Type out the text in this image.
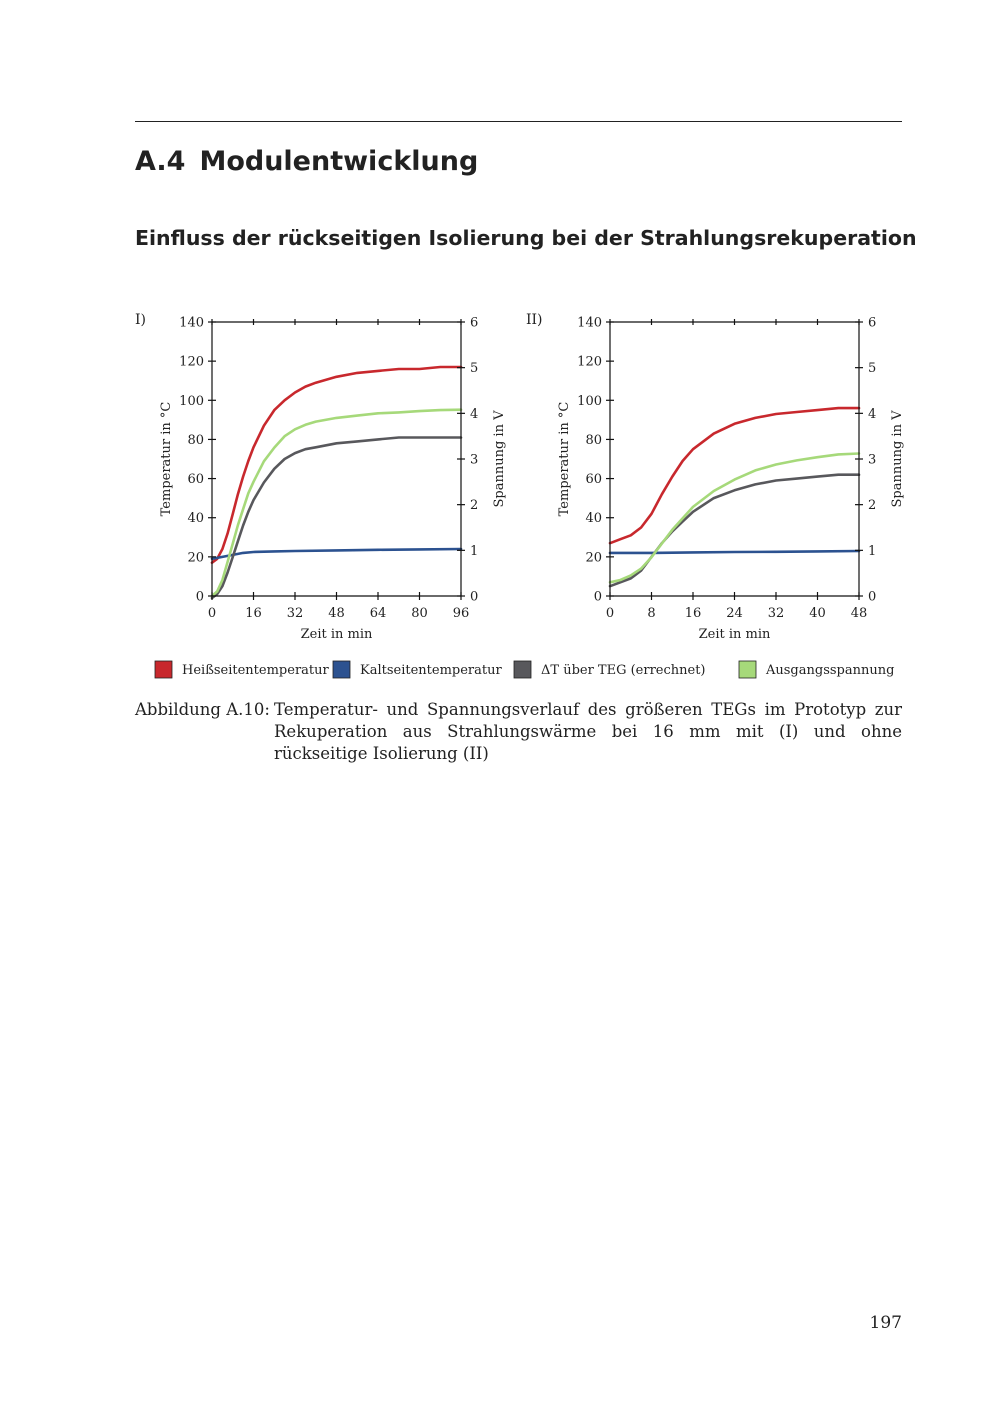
A.4 Modulentwicklung
Einfluss der rückseitigen Isolierung bei der Strahlungsrekuperation
I)
0 16 32 48 64 80 96
0
20
40
60
80
100
120
140
0
1
2
3
4
5
6
Zeit in min
Temperatur in °C	Spannung in V
II)
0	8 16 24 32 40 48
0
20
40
60
80
100
120
140
0
1
2
3
4
5
6
Zeit in min
Temperatur in °C	Spannung in V
Heißseitentemperatur Kaltseitentemperatur	ΔT über TEG (errechnet)	Ausgangsspannung
Abbildung A.10: Temperatur- und Spannungsverlauf des größeren TEGs im Prototyp zur Rekuperation aus Strahlungswärme bei 16 mm mit (I) und ohne rückseitige Isolierung (II)
197
